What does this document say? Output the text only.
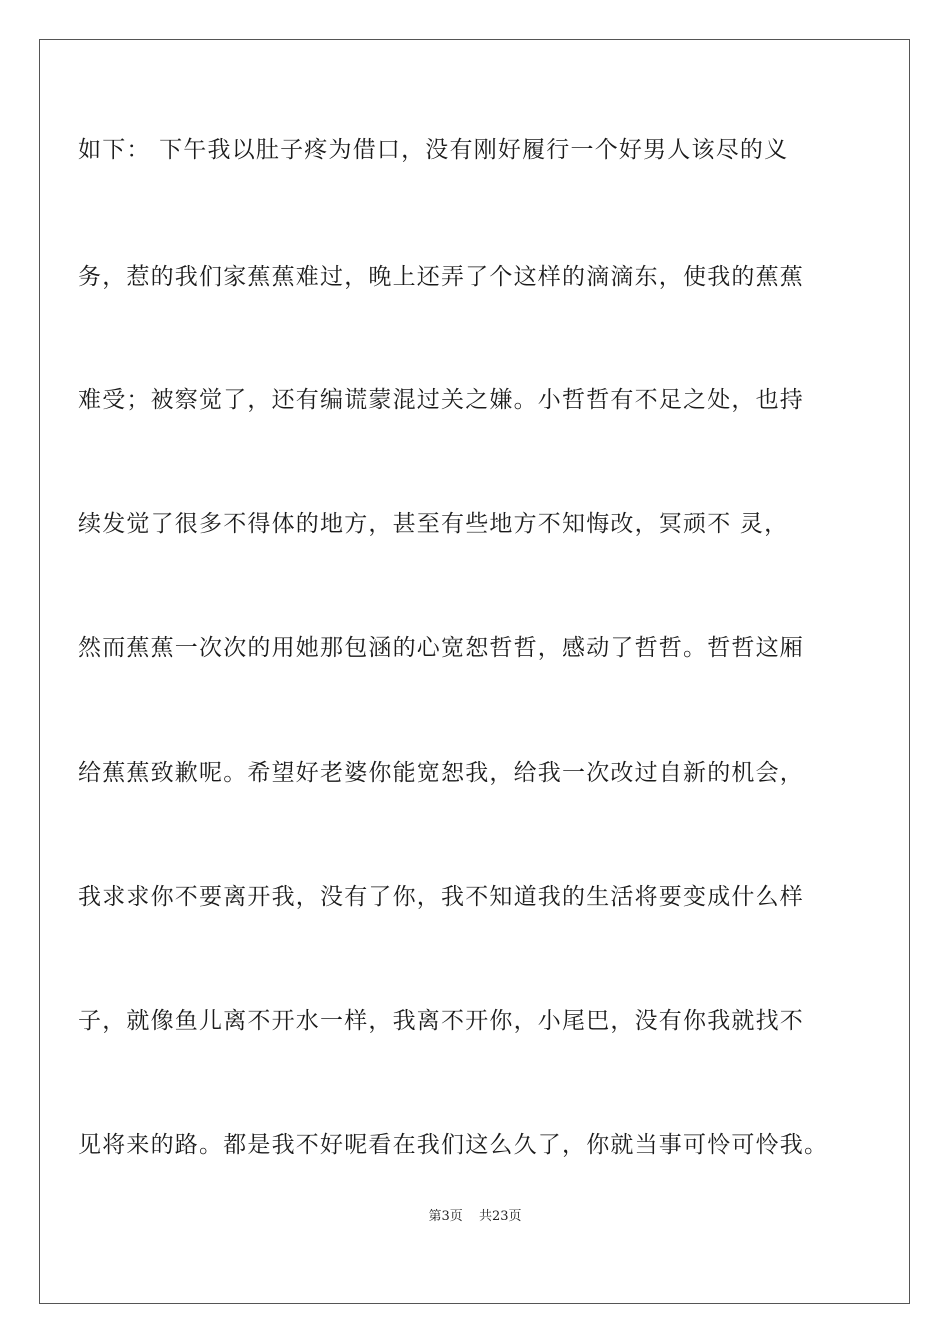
如下： 下午我以肚子疼为借口，没有刚好履行一个好男人该尽的义
务，惹的我们家蕉蕉难过，晚上还弄了个这样的滴滴东，使我的蕉蕉
难受；被察觉了，还有编谎蒙混过关之嫌。小哲哲有不足之处，也持
续发觉了很多不得体的地方，甚至有些地方不知悔改，冥顽不 灵，
然而蕉蕉一次次的用她那包涵的心宽恕哲哲，感动了哲哲。哲哲这厢
给蕉蕉致歉呢。希望好老婆你能宽恕我，给我一次改过自新的机会，
我求求你不要离开我，没有了你，我不知道我的生活将要变成什么样
子，就像鱼儿离不开水一样，我离不开你，小尾巴，没有你我就找不
见将来的路。都是我不好呢看在我们这么久了，你就当事可怜可怜我。
第3页 共23页
